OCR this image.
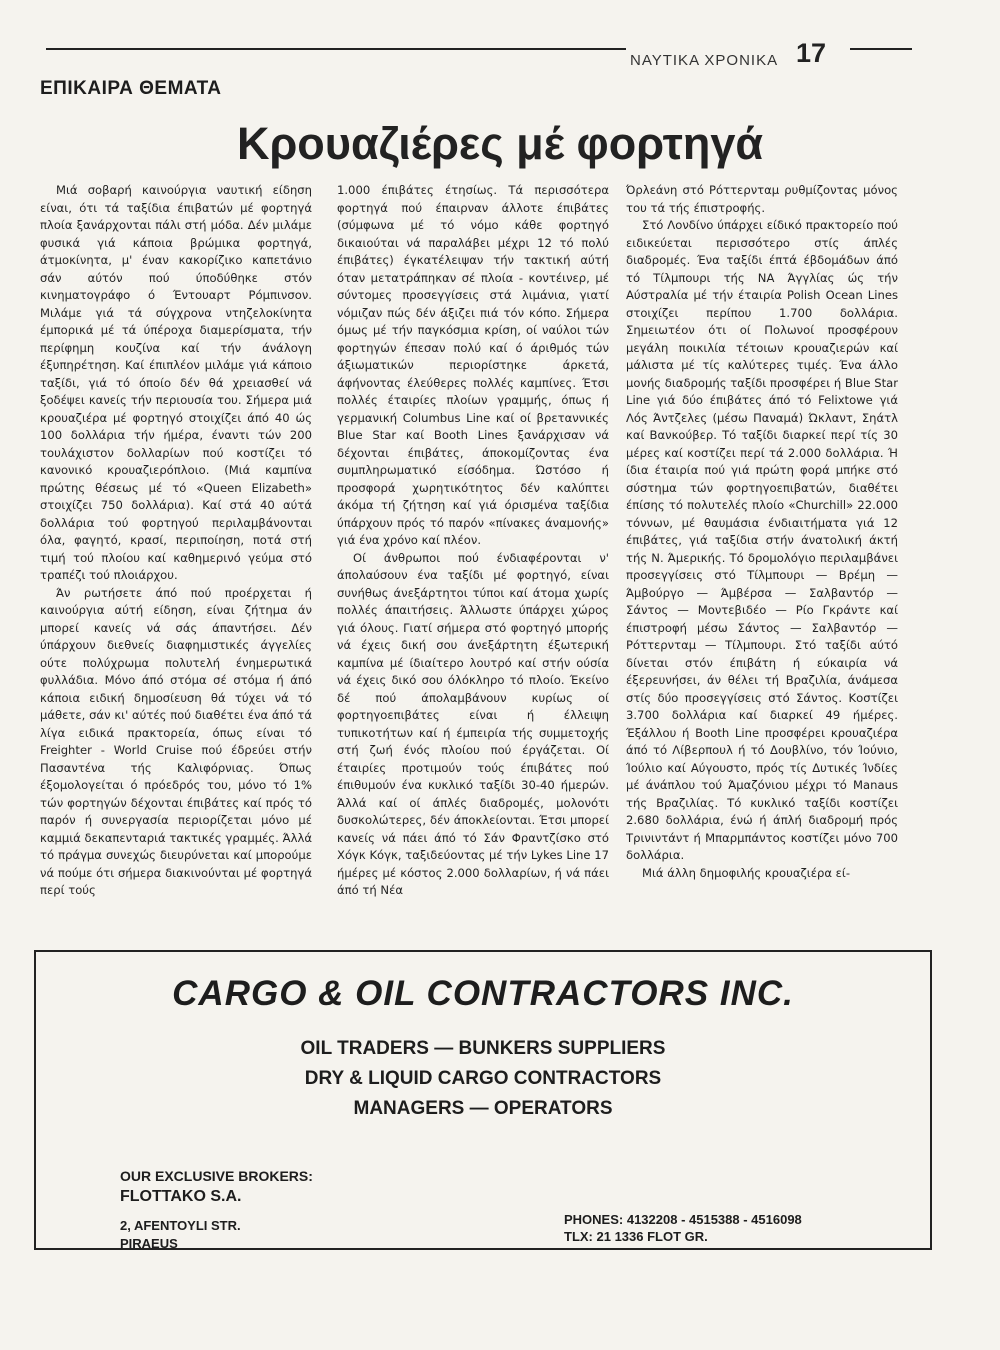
ΝΑΥΤΙΚΑ ΧΡΟΝΙΚΑ 17
ΕΠΙΚΑΙΡΑ ΘΕΜΑΤΑ
Κρουαζιέρες μέ φορτηγά

Μιά σοβαρή καινούργια ναυτική είδηση είναι, ότι τά ταξίδια έπιβατών μέ φορτηγά πλοία ξανάρχονται πάλι στή μόδα. Δέν μιλάμε φυσικά γιά κάποια βρώμικα φορτηγά, άτμοκίνητα, μ' έναν κακορίζικο καπετάνιο σάν αύτόν πού ύποδύθηκε στόν κινηματογράφο ό Έντουαρτ Ρόμπινσον. Μιλάμε γιά τά σύγχρονα ντηζελοκίνητα έμπορικά μέ τά ύπέροχα διαμερίσματα, τήν περίφημη κουζίνα καί τήν άνάλογη έξυπηρέτηση. Καί έπιπλέον μιλάμε γιά κάποιο ταξίδι, γιά τό όποίο δέν θά χρειασθεί νά ξοδέψει κανείς τήν περιουσία του. Σήμερα μιά κρουαζιέρα μέ φορτηγό στοιχίζει άπό 40 ώς 100 δολλάρια τήν ήμέρα, έναντι τών 200 τουλάχιστον δολλαρίων πού κοστίζει τό κανονικό κρουαζιερόπλοιο. (Μιά καμπίνα πρώτης θέσεως μέ τό «Queen Elizabeth» στοιχίζει 750 δολλάρια). Καί στά 40 αύτά δολλάρια τού φορτηγού περιλαμβάνονται όλα, φαγητό, κρασί, περιποίηση, ποτά στή τιμή τού πλοίου καί καθημερινό γεύμα στό τραπέζι τού πλοιάρχου.

Άν ρωτήσετε άπό πού προέρχεται ή καινούργια αύτή είδηση, είναι ζήτημα άν μπορεί κανείς νά σάς άπαντήσει. Δέν ύπάρχουν διεθνείς διαφημιστικές άγγελίες ούτε πολύχρωμα πολυτελή ένημερωτικά φυλλάδια. Μόνο άπό στόμα σέ στόμα ή άπό κάποια ειδική δημοσίευση θά τύχει νά τό μάθετε, σάν κι' αύτές πού διαθέτει ένα άπό τά λίγα ειδικά πρακτορεία, όπως είναι τό Freighter - World Cruise πού έδρεύει στήν Πασαντένα τής Καλιφόρνιας. Όπως έξομολογείται ό πρόεδρός του, μόνο τό 1% τών φορτηγών δέχονται έπιβάτες καί πρός τό παρόν ή συνεργασία περιορίζεται μόνο μέ καμμιά δεκαπενταριά τακτικές γραμμές. Άλλά τό πράγμα συνεχώς διευρύνεται καί μπορούμε νά πούμε ότι σήμερα διακινούνται μέ φορτηγά περί τούς

1.000 έπιβάτες έτησίως. Τά περισσότερα φορτηγά πού έπαιρναν άλλοτε έπιβάτες (σύμφωνα μέ τό νόμο κάθε φορτηγό δικαιούται νά παραλάβει μέχρι 12 τό πολύ έπιβάτες) έγκατέλειψαν τήν τακτική αύτή όταν μετατράπηκαν σέ πλοία - κοντέινερ, μέ σύντομες προσεγγίσεις στά λιμάνια, γιατί νόμιζαν πώς δέν άξιζει πιά τόν κόπο. Σήμερα όμως μέ τήν παγκόσμια κρίση, οί ναύλοι τών φορτηγών έπεσαν πολύ καί ό άριθμός τών άξιωματικών περιορίστηκε άρκετά, άφήνοντας έλεύθερες πολλές καμπίνες. Έτσι πολλές έταιρίες πλοίων γραμμής, όπως ή γερμανική Columbus Line καί οί βρεταννικές Blue Star καί Booth Lines ξανάρχισαν νά δέχονται έπιβάτες, άποκομίζοντας ένα συμπληρωματικό είσόδημα. Ώστόσο ή προσφορά χωρητικότητος δέν καλύπτει άκόμα τή ζήτηση καί γιά όρισμένα ταξίδια ύπάρχουν πρός τό παρόν «πίνακες άναμονής» γιά ένα χρόνο καί πλέον.

Οί άνθρωποι πού ένδιαφέρονται ν' άπολαύσουν ένα ταξίδι μέ φορτηγό, είναι συνήθως άνεξάρτητοι τύποι καί άτομα χωρίς πολλές άπαιτήσεις. Άλλωστε ύπάρχει χώρος γιά όλους. Γιατί σήμερα στό φορτηγό μπορής νά έχεις δική σου άνεξάρτητη έξωτερική καμπίνα μέ ίδιαίτερο λουτρό καί στήν ούσία νά έχεις δικό σου όλόκληρο τό πλοίο. Έκείνο δέ πού άπολαμβάνουν κυρίως οί φορτηγοεπιβάτες είναι ή έλλειψη τυπικοτήτων καί ή έμπειρία τής συμμετοχής στή ζωή ένός πλοίου πού έργάζεται. Οί έταιρίες προτιμούν τούς έπιβάτες πού έπιθυμούν ένα κυκλικό ταξίδι 30-40 ήμερών. Άλλά καί οί άπλές διαδρομές, μολονότι δυσκολώτερες, δέν άποκλείονται. Έτσι μπορεί κανείς νά πάει άπό τό Σάν Φραντζίσκο στό Χόγκ Κόγκ, ταξιδεύοντας μέ τήν Lykes Line 17 ήμέρες μέ κόστος 2.000 δολλαρίων, ή νά πάει άπό τή Νέα

Όρλεάνη στό Ρόττερνταμ ρυθμίζοντας μόνος του τά τής έπιστροφής.

Στό Λονδίνο ύπάρχει είδικό πρακτορείο πού ειδικεύεται περισσότερο στίς άπλές διαδρομές. Ένα ταξίδι έπτά έβδομάδων άπό τό Τίλμπουρι τής ΝΑ Άγγλίας ώς τήν Αύστραλία μέ τήν έταιρία Polish Ocean Lines στοιχίζει περίπου 1.700 δολλάρια. Σημειωτέον ότι οί Πολωνοί προσφέρουν μεγάλη ποικιλία τέτοιων κρουαζιερών καί μάλιστα μέ τίς καλύτερες τιμές. Ένα άλλο μονής διαδρομής ταξίδι προσφέρει ή Blue Star Line γιά δύο έπιβάτες άπό τό Felixtowe γιά Λός Άντζελες (μέσω Παναμά) Ώκλαντ, Σηάτλ καί Βανκούβερ. Τό ταξίδι διαρκεί περί τίς 30 μέρες καί κοστίζει περί τά 2.000 δολλάρια. Ή ίδια έταιρία πού γιά πρώτη φορά μπήκε στό σύστημα τών φορτηγοεπιβατών, διαθέτει έπίσης τό πολυτελές πλοίο «Churchill» 22.000 τόννων, μέ θαυμάσια ένδιαιτήματα γιά 12 έπιβάτες, γιά ταξίδια στήν άνατολική άκτή τής Ν. Άμερικής. Τό δρομολόγιο περιλαμβάνει προσεγγίσεις στό Τίλμπουρι — Βρέμη — Άμβούργο — Άμβέρσα — Σαλβαντόρ — Σάντος — Μοντεβιδέο — Ρίο Γκράντε καί έπιστροφή μέσω Σάντος — Σαλβαντόρ — Ρόττερνταμ — Τίλμπουρι. Στό ταξίδι αύτό δίνεται στόν έπιβάτη ή εύκαιρία νά έξερευνήσει, άν θέλει τή Βραζιλία, άνάμεσα στίς δύο προσεγγίσεις στό Σάντος. Κοστίζει 3.700 δολλάρια καί διαρκεί 49 ήμέρες. Έξάλλου ή Booth Line προσφέρει κρουαζιέρα άπό τό Λίβερπουλ ή τό Δουβλίνο, τόν Ίούνιο, Ίούλιο καί Αύγουστο, πρός τίς Δυτικές Ίνδίες μέ άνάπλου τού Άμαζόνιου μέχρι τό Manaus τής Βραζιλίας. Τό κυκλικό ταξίδι κοστίζει 2.680 δολλάρια, ένώ ή άπλή διαδρομή πρός Τρινιντάντ ή Μπαρμπάντος κοστίζει μόνο 700 δολλάρια.

Μιά άλλη δημοφιλής κρουαζιέρα εί-

CARGO & OIL CONTRACTORS INC.
OIL TRADERS — BUNKERS SUPPLIERS
DRY & LIQUID CARGO CONTRACTORS
MANAGERS — OPERATORS
OUR EXCLUSIVE BROKERS:
FLOTTAKO S.A.
2, AFENTOYLI STR.
PIRAEUS
PHONES: 4132208 - 4515388 - 4516098
TLX: 21 1336 FLOT GR.
